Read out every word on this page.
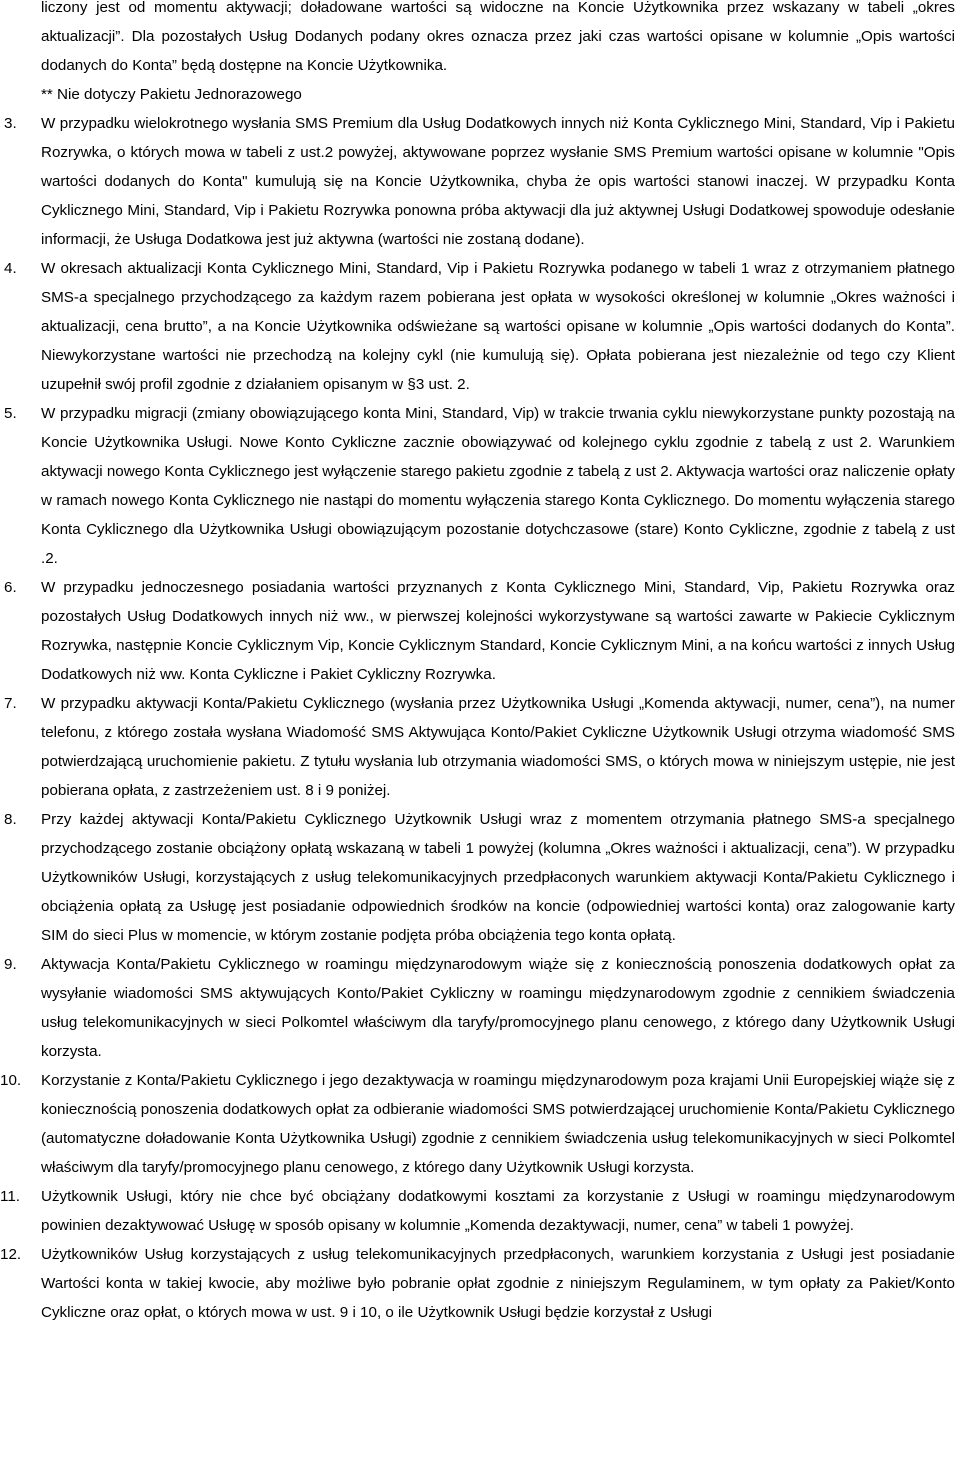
liczony jest od momentu aktywacji; doładowane wartości są widoczne na Koncie Użytkownika przez wskazany w tabeli „okres aktualizacji”. Dla pozostałych Usług Dodanych podany okres oznacza przez jaki czas wartości opisane w kolumnie „Opis wartości dodanych do Konta” będą dostępne na Koncie Użytkownika.
** Nie dotyczy Pakietu Jednorazowego
3.	W przypadku wielokrotnego wysłania SMS Premium dla Usług Dodatkowych innych niż Konta Cyklicznego Mini, Standard, Vip i Pakietu Rozrywka, o których mowa w tabeli z ust.2 powyżej, aktywowane poprzez wysłanie SMS Premium wartości opisane w kolumnie "Opis wartości dodanych do Konta" kumulują się na Koncie Użytkownika, chyba że opis wartości stanowi inaczej. W przypadku Konta Cyklicznego Mini, Standard, Vip i Pakietu Rozrywka ponowna próba aktywacji dla już aktywnej Usługi Dodatkowej spowoduje odesłanie informacji, że Usługa Dodatkowa jest już aktywna (wartości nie zostaną dodane).
4.	W okresach aktualizacji Konta Cyklicznego Mini, Standard, Vip i Pakietu Rozrywka podanego w tabeli 1 wraz z otrzymaniem płatnego SMS-a specjalnego przychodzącego za każdym razem pobierana jest opłata w wysokości określonej w kolumnie „Okres ważności i aktualizacji, cena brutto”, a na Koncie Użytkownika odświeżane są wartości opisane w kolumnie „Opis wartości dodanych do Konta”. Niewykorzystane wartości nie przechodzą na kolejny cykl (nie kumulują się). Opłata pobierana jest niezależnie od tego czy Klient uzupełnił swój profil zgodnie z działaniem opisanym w §3 ust. 2.
5.	W przypadku migracji (zmiany obowiązującego konta Mini, Standard, Vip) w trakcie trwania cyklu niewykorzystane punkty pozostają na Koncie Użytkownika Usługi. Nowe Konto Cykliczne zacznie obowiązywać od kolejnego cyklu zgodnie z tabelą z ust 2. Warunkiem aktywacji nowego Konta Cyklicznego jest wyłączenie starego pakietu zgodnie z tabelą z ust 2. Aktywacja wartości oraz naliczenie opłaty w ramach nowego Konta Cyklicznego nie nastąpi do momentu wyłączenia starego Konta Cyklicznego. Do momentu wyłączenia starego Konta Cyklicznego dla Użytkownika Usługi obowiązującym pozostanie dotychczasowe (stare) Konto Cykliczne, zgodnie z tabelą z ust .2.
6.	W przypadku jednoczesnego posiadania wartości przyznanych z Konta Cyklicznego Mini, Standard, Vip, Pakietu Rozrywka oraz pozostałych Usług Dodatkowych innych niż ww., w pierwszej kolejności wykorzystywane są wartości zawarte w Pakiecie Cyklicznym Rozrywka, następnie Koncie Cyklicznym Vip, Koncie Cyklicznym Standard, Koncie Cyklicznym Mini, a na końcu wartości z innych Usług Dodatkowych niż ww. Konta Cykliczne i Pakiet Cykliczny Rozrywka.
7.	W przypadku aktywacji Konta/Pakietu Cyklicznego (wysłania przez Użytkownika Usługi „Komenda aktywacji, numer, cena”), na numer telefonu, z którego została wysłana Wiadomość SMS Aktywująca Konto/Pakiet Cykliczne Użytkownik Usługi otrzyma wiadomość SMS potwierdzającą uruchomienie pakietu. Z tytułu wysłania lub otrzymania wiadomości SMS, o których mowa w niniejszym ustępie, nie jest pobierana opłata, z zastrzeżeniem ust. 8 i 9 poniżej.
8.	Przy każdej aktywacji Konta/Pakietu Cyklicznego Użytkownik Usługi wraz z momentem otrzymania płatnego SMS-a specjalnego przychodzącego zostanie obciążony opłatą wskazaną w tabeli 1 powyżej (kolumna „Okres ważności i aktualizacji, cena”). W przypadku Użytkowników Usługi, korzystających z usług telekomunikacyjnych przedpłaconych warunkiem aktywacji Konta/Pakietu Cyklicznego i obciążenia opłatą za Usługę jest posiadanie odpowiednich środków na koncie (odpowiedniej wartości konta) oraz zalogowanie karty SIM do sieci Plus w momencie, w którym zostanie podjęta próba obciążenia tego konta opłatą.
9.	Aktywacja Konta/Pakietu Cyklicznego w roamingu międzynarodowym wiąże się z koniecznością ponoszenia dodatkowych opłat za wysyłanie wiadomości SMS aktywujących Konto/Pakiet Cykliczny w roamingu międzynarodowym zgodnie z cennikiem świadczenia usług telekomunikacyjnych w sieci Polkomtel właściwym dla taryfy/promocyjnego planu cenowego, z którego dany Użytkownik Usługi korzysta.
10.	Korzystanie z Konta/Pakietu Cyklicznego i jego dezaktywacja w roamingu międzynarodowym poza krajami Unii Europejskiej wiąże się z koniecznością ponoszenia dodatkowych opłat za odbieranie wiadomości SMS potwierdzającej uruchomienie Konta/Pakietu Cyklicznego (automatyczne doładowanie Konta Użytkownika Usługi) zgodnie z cennikiem świadczenia usług telekomunikacyjnych w sieci Polkomtel właściwym dla taryfy/promocyjnego planu cenowego, z którego dany Użytkownik Usługi korzysta.
11.	Użytkownik Usługi, który nie chce być obciążany dodatkowymi kosztami za korzystanie z Usługi w roamingu międzynarodowym powinien dezaktywować Usługę w sposób opisany w kolumnie „Komenda dezaktywacji, numer, cena” w tabeli 1 powyżej.
12.	Użytkowników Usług korzystających z usług telekomunikacyjnych przedpłaconych, warunkiem korzystania z Usługi jest posiadanie Wartości konta w takiej kwocie, aby możliwe było pobranie opłat zgodnie z niniejszym Regulaminem, w tym opłaty za Pakiet/Konto Cykliczne oraz opłat, o których mowa w ust. 9 i 10, o ile Użytkownik Usługi będzie korzystał z Usługi
